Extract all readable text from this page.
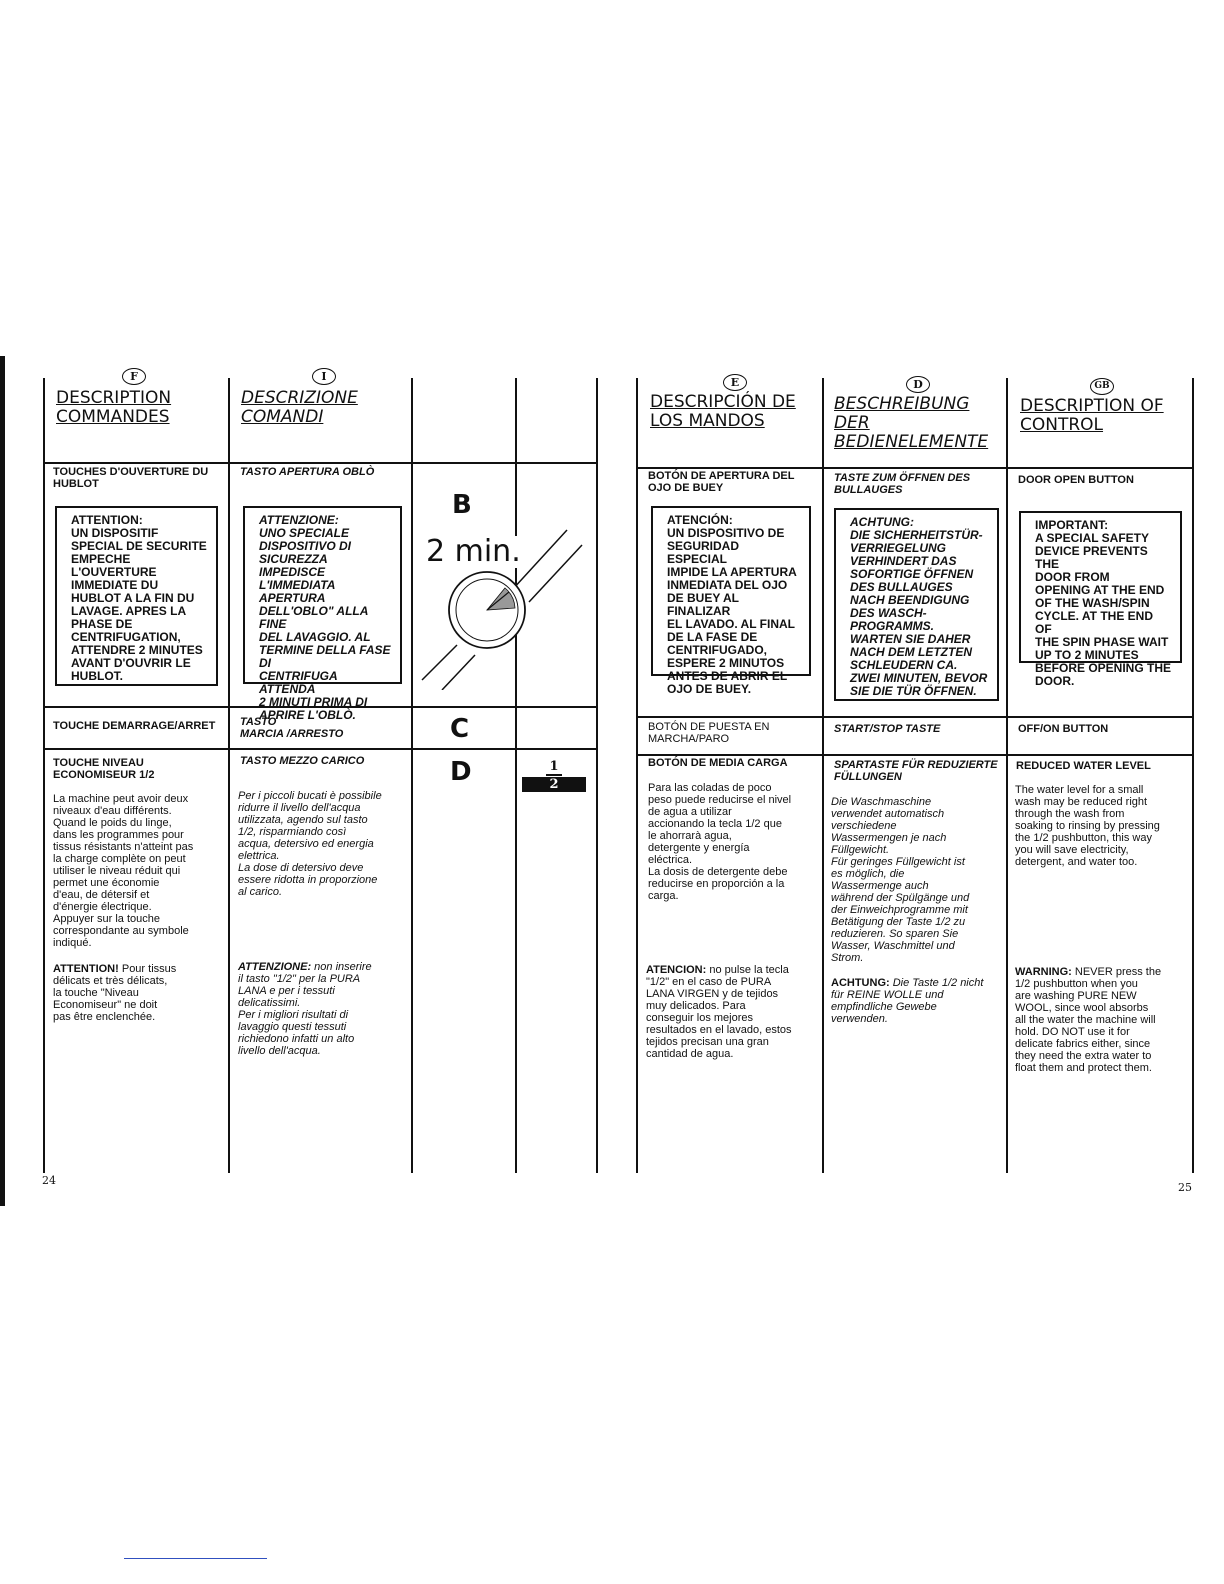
F
DESCRIPTION
COMMANDES
TOUCHES D'OUVERTURE DU HUBLOT
ATTENTION:
UN DISPOSITIF
SPECIAL DE SECURITE
EMPECHE
L'OUVERTURE
IMMEDIATE DU
HUBLOT A LA FIN DU
LAVAGE. APRES LA
PHASE DE
CENTRIFUGATION,
ATTENDRE 2 MINUTES
AVANT D'OUVRIR LE
HUBLOT.
TOUCHE DEMARRAGE/ARRET
TOUCHE NIVEAU
ECONOMISEUR 1/2
La machine peut avoir deux
niveaux d'eau différents.
Quand le poids du linge,
dans les programmes pour
tissus résistants n'atteint pas
la charge complète on peut
utiliser le niveau réduit qui
permet une économie
d'eau, de détersif et
d'énergie électrique.
Appuyer sur la touche
correspondante au symbole
indiqué.
ATTENTION! Pour tissus
délicats et très délicats,
la touche "Niveau
Economiseur" ne doit
pas être enclenchée.
I
DESCRIZIONE
COMANDI
TASTO APERTURA OBLÒ
ATTENZIONE:
UNO SPECIALE
DISPOSITIVO DI
SICUREZZA IMPEDISCE
L'IMMEDIATA
APERTURA
DELL'OBLO" ALLA FINE
DEL LAVAGGIO. AL
TERMINE DELLA FASE DI
CENTRIFUGA ATTENDA
2 MINUTI PRIMA DI
APRIRE L'OBLÒ.
TASTO
MARCIA /ARRESTO
TASTO MEZZO CARICO
Per i piccoli bucati è possibile
ridurre il livello dell'acqua
utilizzata, agendo sul tasto
1/2, risparmiando così
acqua, detersivo ed energia
elettrica.
La dose di detersivo deve
essere ridotta in proporzione
al carico.
ATTENZIONE: non inserire
il tasto "1/2" per la PURA
LANA e per i tessuti
delicatissimi.
Per i migliori risultati di
lavaggio questi tessuti
richiedono infatti un alto
livello dell'acqua.
B
2 min.
C
D	1
2
E
DESCRIPCIÓN DE
LOS MANDOS
BOTÓN DE APERTURA DEL
OJO DE BUEY
ATENCIÓN:
UN DISPOSITIVO DE
SEGURIDAD ESPECIAL
IMPIDE LA APERTURA
INMEDIATA DEL OJO
DE BUEY AL FINALIZAR
EL LAVADO. AL FINAL
DE LA FASE DE
CENTRIFUGADO,
ESPERE 2 MINUTOS
ANTES DE ABRIR EL
OJO DE BUEY.
BOTÓN DE PUESTA EN
MARCHA/PARO
BOTÓN DE MEDIA CARGA
Para las coladas de poco
peso puede reducirse el nivel
de agua a utilizar
accionando la tecla 1/2 que
le ahorrarà agua,
detergente y energía
eléctrica.
La dosis de detergente debe
reducirse en proporción a la
carga.
ATENCION: no pulse la tecla
"1/2" en el caso de PURA
LANA VIRGEN y de tejidos
muy delicados. Para
conseguir los mejores
resultados en el lavado, estos
tejidos precisan una gran
cantidad de agua.
D
BESCHREIBUNG
DER
BEDIENELEMENTE
TASTE ZUM ÖFFNEN DES
BULLAUGES
ACHTUNG:
DIE SICHERHEITSTÜR-
VERRIEGELUNG
VERHINDERT DAS
SOFORTIGE ÖFFNEN
DES BULLAUGES
NACH BEENDIGUNG
DES WASCH-
PROGRAMMS.
WARTEN SIE DAHER
NACH DEM LETZTEN
SCHLEUDERN CA.
ZWEI MINUTEN, BEVOR
SIE DIE TÜR ÖFFNEN.
START/STOP TASTE
SPARTASTE FÜR REDUZIERTE
FÜLLUNGEN
Die Waschmaschine
verwendet automatisch
verschiedene
Wassermengen je nach
Füllgewicht.
Für geringes Füllgewicht ist
es möglich, die
Wassermenge auch
während der Spülgänge und
der Einweichprogramme mit
Betätigung der Taste 1/2 zu
reduzieren. So sparen Sie
Wasser, Waschmittel und
Strom.
ACHTUNG: Die Taste 1/2 nicht
für REINE WOLLE und
empfindliche Gewebe
verwenden.
GB
DESCRIPTION OF
CONTROL
DOOR OPEN BUTTON
IMPORTANT:
A SPECIAL SAFETY
DEVICE PREVENTS THE
DOOR FROM
OPENING AT THE END
OF THE WASH/SPIN
CYCLE. AT THE END OF
THE SPIN PHASE WAIT
UP TO 2 MINUTES
BEFORE OPENING THE
DOOR.
OFF/ON BUTTON
REDUCED WATER LEVEL
The water level for a small
wash may be reduced right
through the wash from
soaking to rinsing by pressing
the 1/2 pushbutton, this way
you will save electricity,
detergent, and water too.
WARNING: NEVER press the
1/2 pushbutton when you
are washing PURE NEW
WOOL, since wool absorbs
all the water the machine will
hold. DO NOT use it for
delicate fabrics either, since
they need the extra water to
float them and protect them.
24
25
